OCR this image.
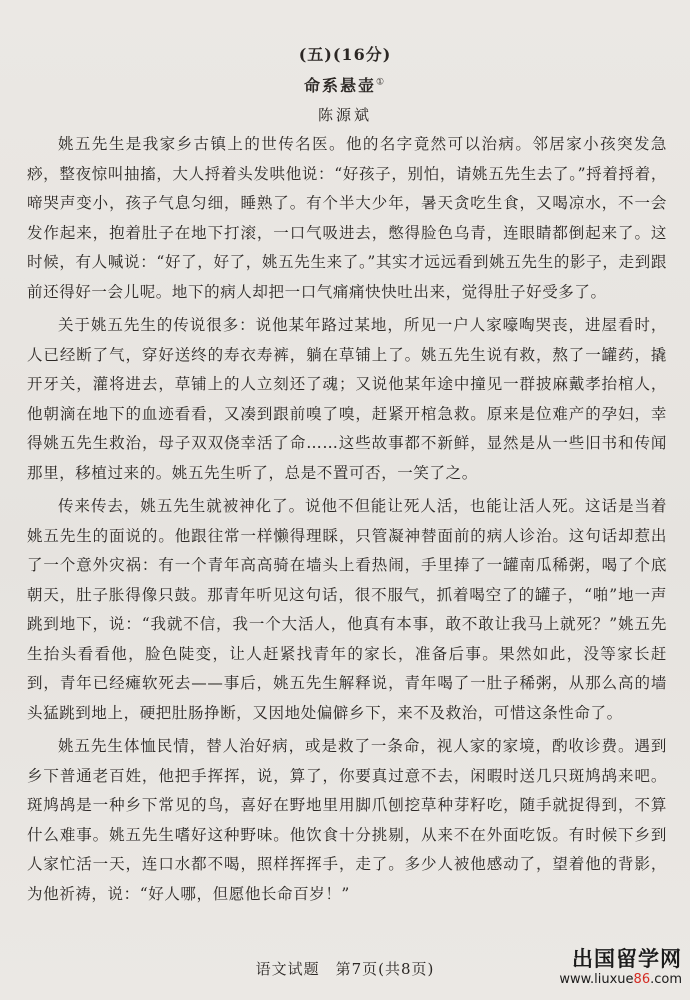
(五)(16分)
命系悬壶①
陈源斌

姚五先生是我家乡古镇上的世传名医。他的名字竟然可以治病。邻居家小孩突发急痧，整夜惊叫抽搐，大人捋着头发哄他说：“好孩子，别怕，请姚五先生去了。”捋着捋着，啼哭声变小，孩子气息匀细，睡熟了。有个半大少年，暑天贪吃生食，又喝凉水，不一会发作起来，抱着肚子在地下打滚，一口气吸进去，憋得脸色乌青，连眼睛都倒起来了。这时候，有人喊说：“好了，好了，姚五先生来了。”其实才远远看到姚五先生的影子，走到跟前还得好一会儿呢。地下的病人却把一口气痛痛快快吐出来，觉得肚子好受多了。

关于姚五先生的传说很多：说他某年路过某地，所见一户人家嚎啕哭丧，进屋看时，人已经断了气，穿好送终的寿衣寿裤，躺在草铺上了。姚五先生说有救，熬了一罐药，撬开牙关，灌将进去，草铺上的人立刻还了魂；又说他某年途中撞见一群披麻戴孝抬棺人，他朝滴在地下的血迹看看，又凑到跟前嗅了嗅，赶紧开棺急救。原来是位难产的孕妇，幸得姚五先生救治，母子双双侥幸活了命……这些故事都不新鲜，显然是从一些旧书和传闻那里，移植过来的。姚五先生听了，总是不置可否，一笑了之。

传来传去，姚五先生就被神化了。说他不但能让死人活，也能让活人死。这话是当着姚五先生的面说的。他跟往常一样懒得理睬，只管凝神替面前的病人诊治。这句话却惹出了一个意外灾祸：有一个青年高高骑在墙头上看热闹，手里捧了一罐南瓜稀粥，喝了个底朝天，肚子胀得像只鼓。那青年听见这句话，很不服气，抓着喝空了的罐子，“啪”地一声跳到地下，说：“我就不信，我一个大活人，他真有本事，敢不敢让我马上就死？”姚五先生抬头看看他，脸色陡变，让人赶紧找青年的家长，准备后事。果然如此，没等家长赶到，青年已经瘫软死去——事后，姚五先生解释说，青年喝了一肚子稀粥，从那么高的墙头猛跳到地上，硬把肚肠挣断，又因地处偏僻乡下，来不及救治，可惜这条性命了。

姚五先生体恤民情，替人治好病，或是救了一条命，视人家的家境，酌收诊费。遇到乡下普通老百姓，他把手挥挥，说，算了，你要真过意不去，闲暇时送几只斑鸠鸪来吧。斑鸠鸪是一种乡下常见的鸟，喜好在野地里用脚爪刨挖草种芽籽吃，随手就捉得到，不算什么难事。姚五先生嗜好这种野味。他饮食十分挑剔，从来不在外面吃饭。有时候下乡到人家忙活一天，连口水都不喝，照样挥挥手，走了。多少人被他感动了，望着他的背影，为他祈祷，说：“好人哪，但愿他长命百岁！”

语文试题　第7页(共8页)	出国留学网
www.liuxue86.com
